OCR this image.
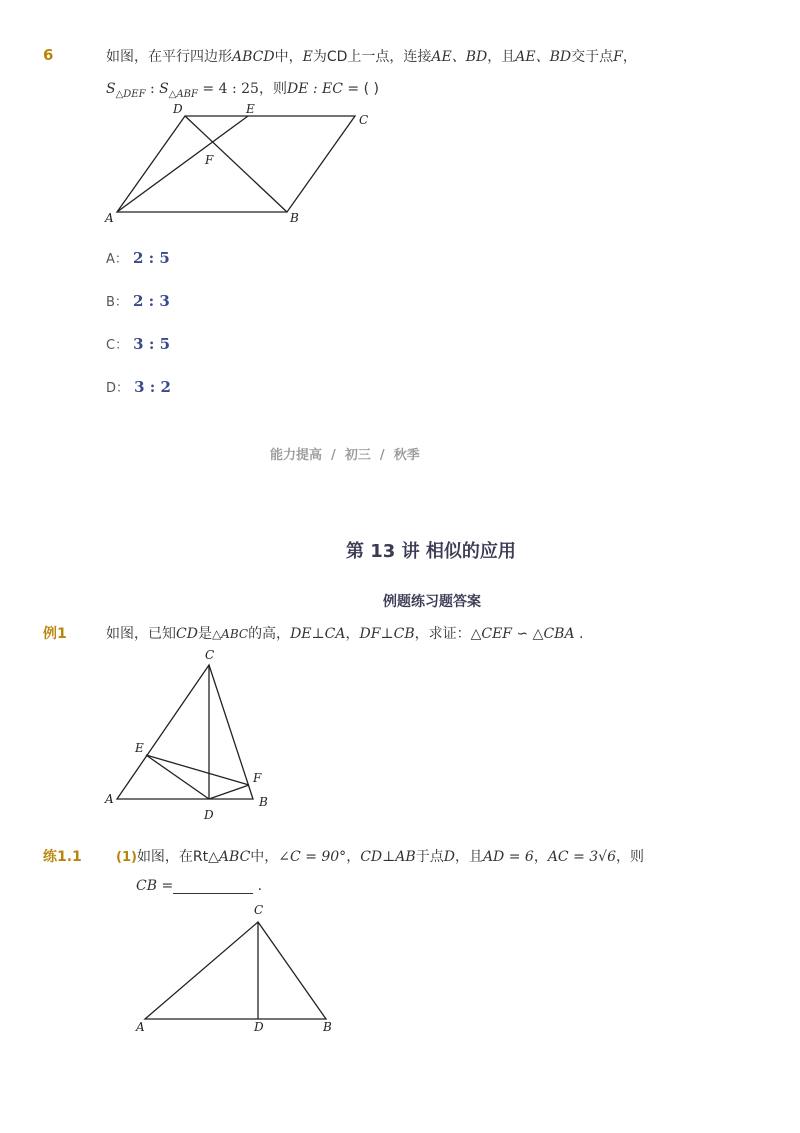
6	如图，在平行四边形ABCD中，E为CD上一点，连接AE、BD，且AE、BD交于点F，
$S_{\triangle DEF}$ : $S_{\triangle ABF} = 4$ : 25，则DE : EC = ( )
D	E
C
F
A	B
A： 2 : 5
B： 2 : 3
C： 3 : 5
D： 3 : 2
能力提高  /  初三  /  秋季
第 13 讲 相似的应用
例题练习题答案
例1	如图，已知CD是△ABC的高，DE⊥CA，DF⊥CB，求证：△CEF ∽ △CBA .
C
E
F
A
D
B
练1.1	(1)如图，在Rt△ABC中，∠C = 90°，CD⊥AB于点D，且AD = 6，AC = 3√6，则
CB =	.
C
A	D	B
